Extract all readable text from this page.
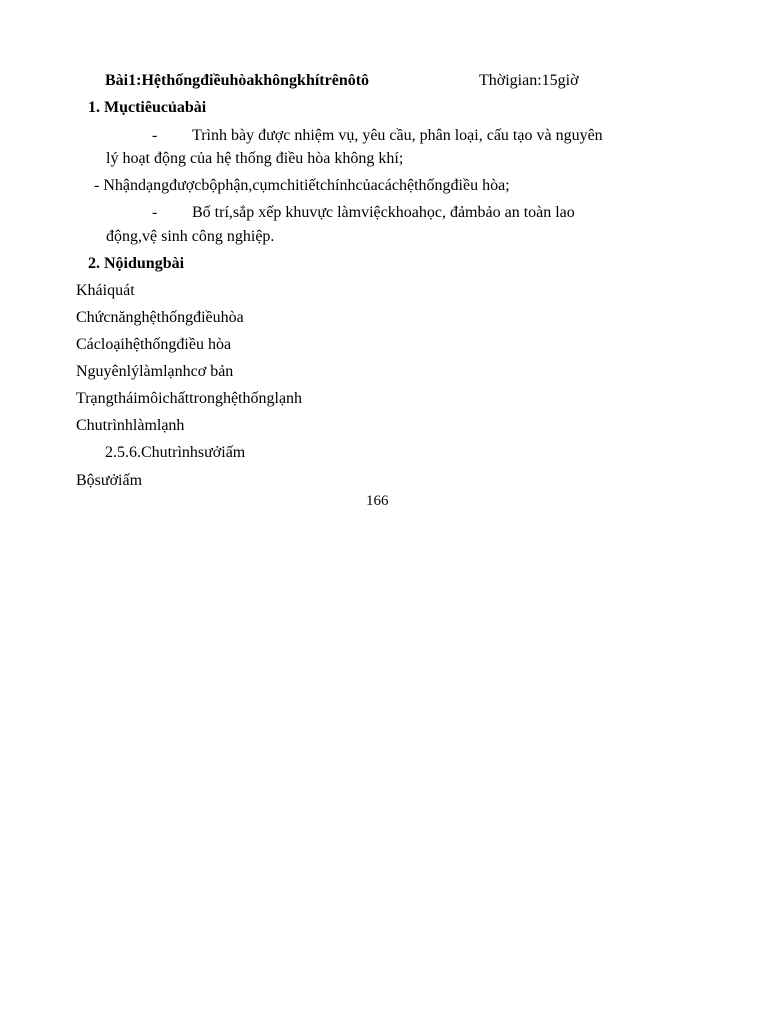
Bài1:Hệthốngđiềuhòakhôngkhítrênôtô	Thờigian:15giờ
1. Mụctiêucủabài
- Trình bày được nhiệm vụ, yêu cầu, phân loại, cấu tạo và nguyên
lý hoạt động của hệ thống điều hòa không khí;
- Nhậndạngđượcbộphận,cụmchitiếtchínhcủacáchệthốngđiều hòa;
- Bố trí,sắp xếp khuvực làmviệckhoahọc, đảmbảo an toàn lao
động,vệ sinh công nghiệp.
2. Nộidungbài
Kháiquát
Chứcnănghệthốngđiềuhòa
Cácloạihệthốngđiều hòa
Nguyênlýlàmlạnhcơ bản
Trạngtháimôichấttronghệthốnglạnh
Chutrìnhlàmlạnh
2.5.6.Chutrìnhsưởiấm
Bộsưởiấm
166
